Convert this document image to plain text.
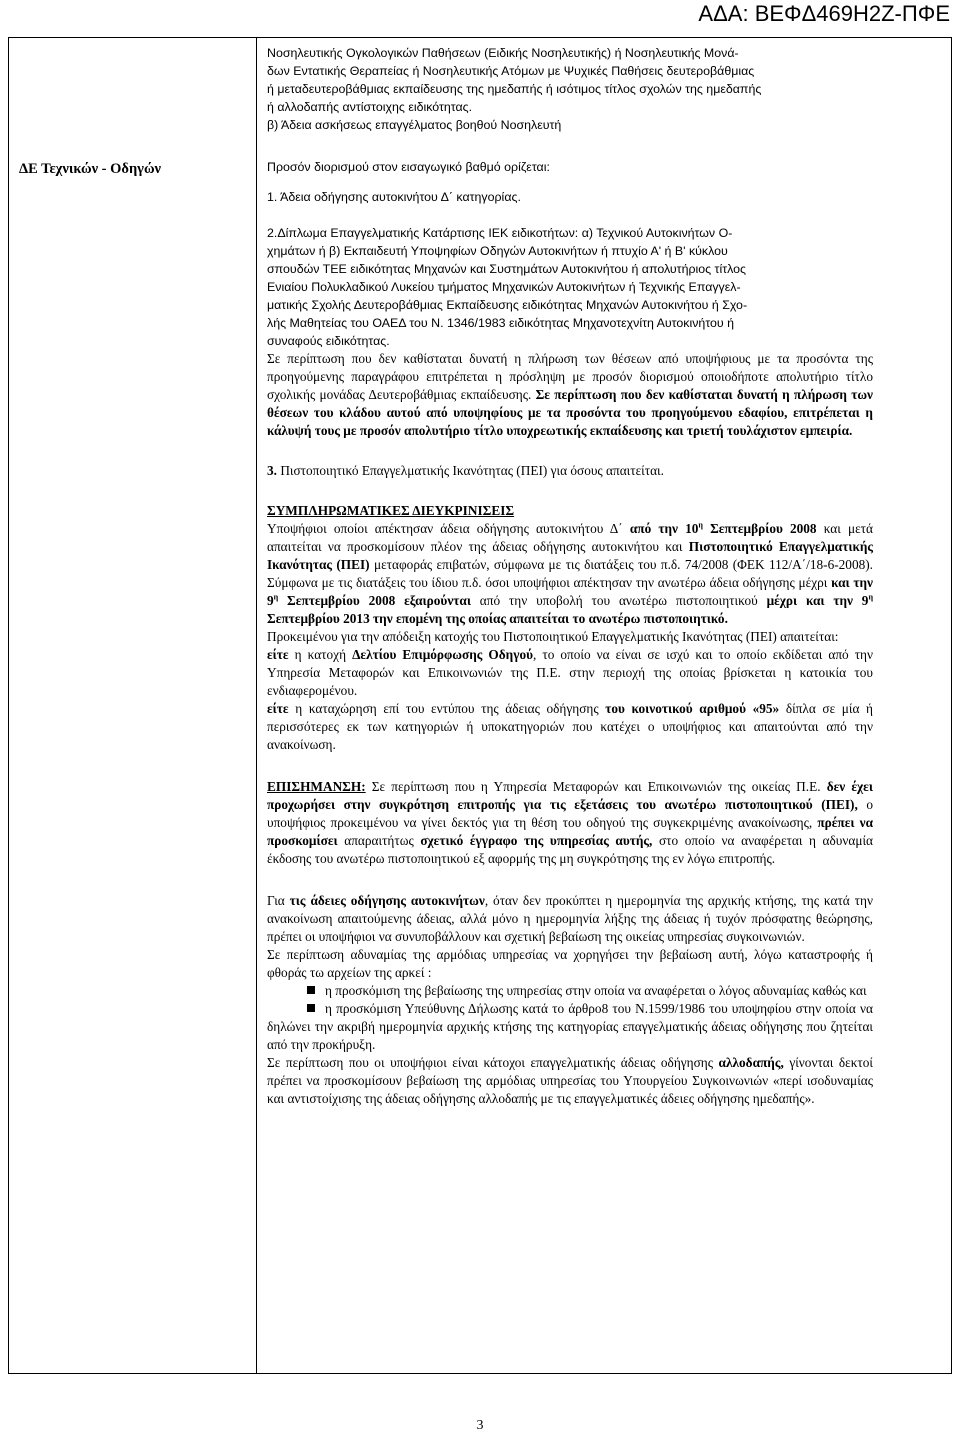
ΑΔΑ: ΒΕΦΔ469Η2Ζ-ΠΦΕ
ΔΕ Τεχνικών - Οδηγών

Νοσηλευτικής Ογκολογικών Παθήσεων (Ειδικής Νοσηλευτικής) ή Νοσηλευτικής Μονά-

δων Εντατικής Θεραπείας ή Νοσηλευτικής Ατόμων με Ψυχικές Παθήσεις δευτεροβάθμιας

ή μεταδευτεροβάθμιας εκπαίδευσης της ημεδαπής ή ισότιμος τίτλος σχολών της ημεδαπής

ή αλλοδαπής αντίστοιχης ειδικότητας.

β) Άδεια ασκήσεως επαγγέλματος βοηθού Νοσηλευτή

Προσόν διορισμού στον εισαγωγικό βαθμό ορίζεται:

1. Άδεια οδήγησης αυτοκινήτου Δ΄ κατηγορίας.

2.Δίπλωμα Επαγγελματικής Κατάρτισης ΙΕΚ ειδικοτήτων: α) Τεχνικού Αυτοκινήτων Ο-

χημάτων ή β) Εκπαιδευτή Υποψηφίων Οδηγών Αυτοκινήτων ή πτυχίο Α' ή Β' κύκλου

σπουδών ΤΕΕ ειδικότητας Μηχανών και Συστημάτων Αυτοκινήτου ή απολυτήριος τίτλος

Ενιαίου Πολυκλαδικού Λυκείου τμήματος Μηχανικών Αυτοκινήτων ή Τεχνικής Επαγγελ-

ματικής Σχολής Δευτεροβάθμιας Εκπαίδευσης ειδικότητας Μηχανών Αυτοκινήτου ή Σχο-

λής Μαθητείας του ΟΑΕΔ του Ν. 1346/1983 ειδικότητας Μηχανοτεχνίτη Αυτοκινήτου ή

συναφούς ειδικότητας.

Σε περίπτωση που δεν καθίσταται δυνατή η πλήρωση των θέσεων από υποψήφιους με τα προσόντα της προηγούμενης παραγράφου επιτρέπεται η πρόσληψη με προσόν διορισμού οποιοδήποτε απολυτήριο τίτλο σχολικής μονάδας Δευτεροβάθμιας εκπαίδευσης. Σε περίπτωση που δεν καθίσταται δυνατή η πλήρωση των θέσεων του κλάδου αυτού από υποψηφίους με τα προσόντα του προηγούμενου εδαφίου, επιτρέπεται η κάλυψή τους με προσόν απολυτήριο τίτλο υποχρεωτικής εκπαίδευσης και τριετή τουλάχιστον εμπειρία.

3. Πιστοποιητικό Επαγγελματικής Ικανότητας (ΠΕΙ) για όσους απαιτείται.

ΣΥΜΠΛΗΡΩΜΑΤΙΚΕΣ ΔΙΕΥΚΡΙΝΙΣΕΙΣ

Υποψήφιοι οποίοι απέκτησαν άδεια οδήγησης αυτοκινήτου Δ΄ από την $10^\eta$ Σεπτεμβρίου 2008 και μετά απαιτείται να προσκομίσουν πλέον της άδειας οδήγησης αυτοκινήτου και Πιστοποιητικό Επαγγελματικής Ικανότητας (ΠΕΙ) μεταφοράς επιβατών, σύμφωνα με τις διατάξεις του π.δ. 74/2008 (ΦΕΚ 112/Α΄/18-6-2008). Σύμφωνα με τις διατάξεις του ίδιου π.δ. όσοι υποψήφιοι απέκτησαν την ανωτέρω άδεια οδήγησης μέχρι και την $9^\eta$ Σεπτεμβρίου 2008 εξαιρούνται από την υποβολή του ανωτέρω πιστοποιητικού μέχρι και την $9^\eta$ Σεπτεμβρίου 2013 την επομένη της οποίας απαιτείται το ανωτέρω πιστοποιητικό.

Προκειμένου για την απόδειξη κατοχής του Πιστοποιητικού Επαγγελματικής Ικανότητας (ΠΕΙ) απαιτείται:

είτε η κατοχή Δελτίου Επιμόρφωσης Οδηγού, το οποίο να είναι σε ισχύ και το οποίο εκδίδεται από την Υπηρεσία Μεταφορών και Επικοινωνιών της Π.Ε. στην περιοχή της οποίας βρίσκεται η κατοικία του ενδιαφερομένου.

είτε η καταχώρηση επί του εντύπου της άδειας οδήγησης του κοινοτικού αριθμού «95» δίπλα σε μία ή περισσότερες εκ των κατηγοριών ή υποκατηγοριών που κατέχει ο υποψήφιος και απαιτούνται από την ανακοίνωση.

ΕΠΙΣΗΜΑΝΣΗ: Σε περίπτωση που η Υπηρεσία Μεταφορών και Επικοινωνιών της οικείας Π.Ε. δεν έχει προχωρήσει στην συγκρότηση επιτροπής για τις εξετάσεις του ανωτέρω πιστοποιητικού (ΠΕΙ), ο υποψήφιος προκειμένου να γίνει δεκτός για τη θέση του οδηγού της συγκεκριμένης ανακοίνωσης, πρέπει να προσκομίσει απαραιτήτως σχετικό έγγραφο της υπηρεσίας αυτής, στο οποίο να αναφέρεται η αδυναμία έκδοσης του ανωτέρω πιστοποιητικού εξ αφορμής της μη συγκρότησης της εν λόγω επιτροπής.

Για τις άδειες οδήγησης αυτοκινήτων, όταν δεν προκύπτει η ημερομηνία της αρχικής κτήσης, της κατά την ανακοίνωση απαιτούμενης άδειας, αλλά μόνο η ημερομηνία λήξης της άδειας ή τυχόν πρόσφατης θεώρησης, πρέπει οι υποψήφιοι να συνυποβάλλουν και σχετική βεβαίωση της οικείας υπηρεσίας συγκοινωνιών.

Σε περίπτωση αδυναμίας της αρμόδιας υπηρεσίας να χορηγήσει την βεβαίωση αυτή, λόγω καταστροφής ή φθοράς τω αρχείων της αρκεί :

η προσκόμιση της βεβαίωσης της υπηρεσίας στην οποία να αναφέρεται ο λόγος αδυναμίας καθώς και

η προσκόμιση Υπεύθυνης Δήλωσης κατά το άρθρο8 του Ν.1599/1986 του υποψηφίου στην οποία να δηλώνει την ακριβή ημερομηνία αρχικής κτήσης της κατηγορίας επαγγελματικής άδειας οδήγησης που ζητείται από την προκήρυξη.

Σε περίπτωση που οι υποψήφιοι είναι κάτοχοι επαγγελματικής άδειας οδήγησης αλλοδαπής, γίνονται δεκτοί πρέπει να προσκομίσουν βεβαίωση της αρμόδιας υπηρεσίας του Υπουργείου Συγκοινωνιών «περί ισοδυναμίας και αντιστοίχισης της άδειας οδήγησης αλλοδαπής με τις επαγγελματικές άδειες οδήγησης ημεδαπής».

3
